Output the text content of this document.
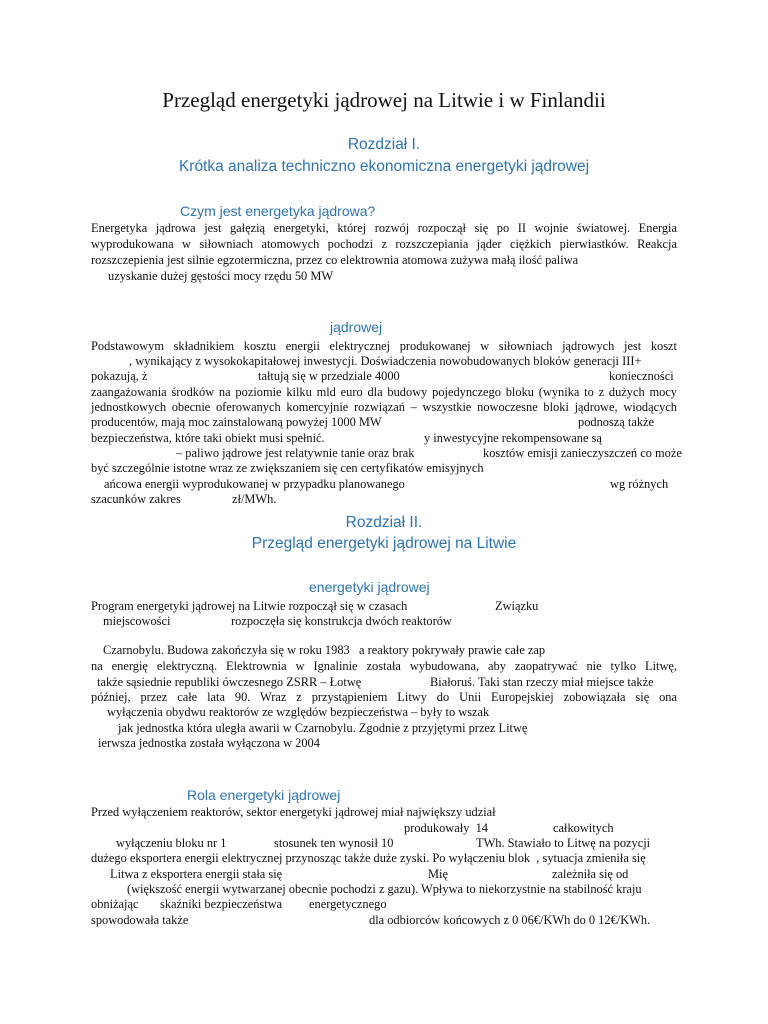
Przegląd energetyki jądrowej na Litwie i w Finlandii
Rozdział I.
Krótka analiza techniczno ekonomiczna energetyki jądrowej
Czym jest energetyka jądrowa?
Energetyka jądrowa jest gałęzią energetyki, której rozwój rozpoczął się po II wojnie światowej. Energia
wyprodukowana w siłowniach atomowych pochodzi z rozszczepiania jąder ciężkich pierwiastków. Reakcja
rozszczepienia jest silnie egzotermiczna, przez co elektrownia atomowa zużywa małą ilość paliwa
uzyskanie dużej gęstości mocy rzędu 50 MW
jądrowej
Podstawowym składnikiem kosztu energii elektrycznej produkowanej w siłowniach jądrowych jest koszt
, wynikający z wysokokapitałowej inwestycji. Doświadczenia nowobudowanych bloków generacji III+
pokazują, ż	tałtują się w przedziale 4000	konieczności
zaangażowania środków na poziomie kilku mld euro dla budowy pojedynczego bloku (wynika to z dużych mocy
jednostkowych obecnie oferowanych komercyjnie rozwiązań – wszystkie nowoczesne bloki jądrowe, wiodących
producentów, mają moc zainstalowaną powyżej 1000 MW	podnoszą także
bezpieczeństwa, które taki obiekt musi spełnić.	y inwestycyjne rekompensowane są
– paliwo jądrowe jest relatywnie tanie oraz brak	kosztów emisji zanieczyszczeń co może
być szczególnie istotne wraz ze zwiększaniem się cen certyfikatów emisyjnych
ańcowa energii wyprodukowanej w przypadku planowanego	wg różnych
szacunków zakres	zł/MWh.
Rozdział II.
Przegląd energetyki jądrowej na Litwie
energetyki jądrowej
Program energetyki jądrowej na Litwie rozpoczął się w czasach	Związku
miejscowości	rozpoczęła się konstrukcja dwóch reaktorów
Czarnobylu. Budowa zakończyła się w roku 1983   a reaktory pokrywały prawie całe zap
na energię elektryczną. Elektrownia w Ignalinie została wybudowana, aby zaopatrywać nie tylko Litwę,
także sąsiednie republiki ówczesnego ZSRR – Łotwę	Białoruś. Taki stan rzeczy miał miejsce także
później, przez całe lata 90. Wraz z przystąpieniem Litwy do Unii Europejskiej zobowiązała się ona
wyłączenia obydwu reaktorów ze względów bezpieczeństwa – były to wszak
jak jednostka która uległa awarii w Czarnobylu. Zgodnie z przyjętymi przez Litwę
ierwsza jednostka została wyłączona w 2004
Rola energetyki jądrowej
Przed wyłączeniem reaktorów, sektor energetyki jądrowej miał największy udział
produkowały  14	całkowitych
wyłączeniu bloku nr 1	stosunek ten wynosił 10	TWh. Stawiało to Litwę na pozycji
dużego eksportera energii elektrycznej przynosząc także duże zyski. Po wyłączeniu blok  , sytuacja zmieniła się
Litwa z eksportera energii stała się	Mię	zależniła się od
(większość energii wytwarzanej obecnie pochodzi z gazu). Wpływa to niekorzystnie na stabilność kraju
obniżając skaźniki bezpieczeństwa energetycznego
spowodowała także	dla odbiorców końcowych z 0 06€/KWh do 0 12€/KWh.
